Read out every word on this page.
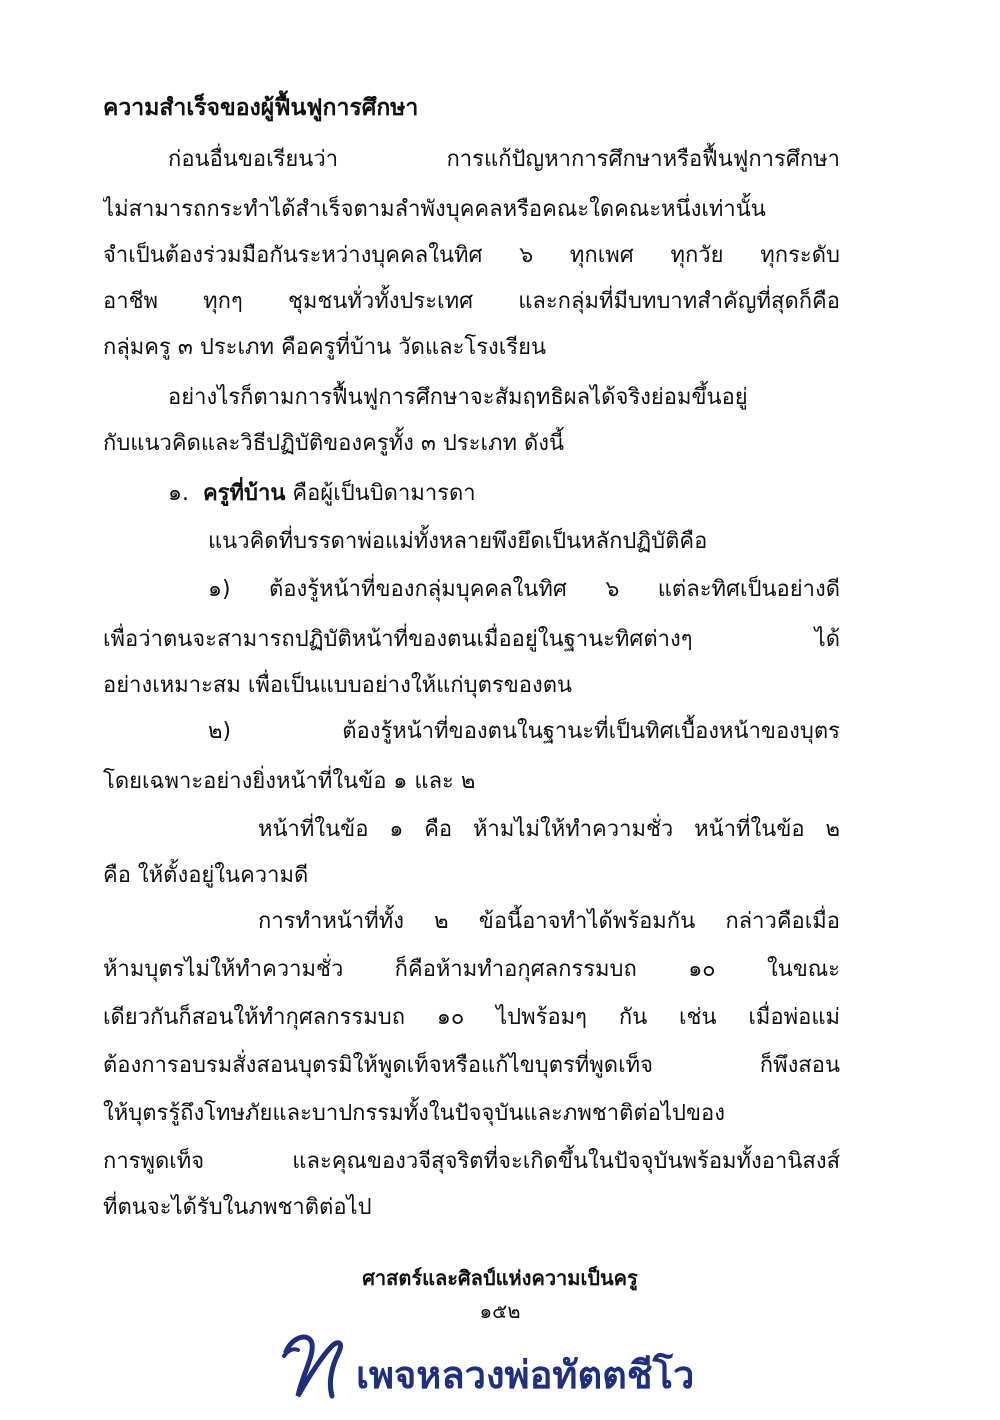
ความสำเร็จของผู้ฟื้นฟูการศึกษา
ก่อนอื่นขอเรียนว่า การแก้ปัญหาการศึกษาหรือฟื้นฟูการศึกษา
ไม่สามารถกระทำได้สำเร็จตามลำพังบุคคลหรือคณะใดคณะหนึ่งเท่านั้น
จำเป็นต้องร่วมมือกันระหว่างบุคคลในทิศ ๖ ทุกเพศ ทุกวัย ทุกระดับ
อาชีพ ทุกๆ ชุมชนทั่วทั้งประเทศ และกลุ่มที่มีบทบาทสำคัญที่สุดก็คือ
กลุ่มครู ๓ ประเภท คือครูที่บ้าน วัดและโรงเรียน
อย่างไรก็ตามการฟื้นฟูการศึกษาจะสัมฤทธิผลได้จริงย่อมขึ้นอยู่
กับแนวคิดและวิธีปฏิบัติของครูทั้ง ๓ ประเภท ดังนี้
๑. ครูที่บ้าน คือผู้เป็นบิดามารดา
แนวคิดที่บรรดาพ่อแม่ทั้งหลายพึงยึดเป็นหลักปฏิบัติคือ
๑) ต้องรู้หน้าที่ของกลุ่มบุคคลในทิศ ๖ แต่ละทิศเป็นอย่างดี
เพื่อว่าตนจะสามารถปฏิบัติหน้าที่ของตนเมื่ออยู่ในฐานะทิศต่างๆ ได้
อย่างเหมาะสม เพื่อเป็นแบบอย่างให้แก่บุตรของตน
๒) ต้องรู้หน้าที่ของตนในฐานะที่เป็นทิศเบื้องหน้าของบุตร
โดยเฉพาะอย่างยิ่งหน้าที่ในข้อ ๑ และ ๒
หน้าที่ในข้อ ๑ คือ ห้ามไม่ให้ทำความชั่ว หน้าที่ในข้อ ๒
คือ ให้ตั้งอยู่ในความดี
การทำหน้าที่ทั้ง ๒ ข้อนี้อาจทำได้พร้อมกัน กล่าวคือเมื่อ
ห้ามบุตรไม่ให้ทำความชั่ว ก็คือห้ามทำอกุศลกรรมบถ ๑๐ ในขณะ
เดียวกันก็สอนให้ทำกุศลกรรมบถ ๑๐ ไปพร้อมๆ กัน เช่น เมื่อพ่อแม่
ต้องการอบรมสั่งสอนบุตรมิให้พูดเท็จหรือแก้ไขบุตรที่พูดเท็จ ก็พึงสอน
ให้บุตรรู้ถึงโทษภัยและบาปกรรมทั้งในปัจจุบันและภพชาติต่อไปของ
การพูดเท็จ และคุณของวจีสุจริตที่จะเกิดขึ้นในปัจจุบันพร้อมทั้งอานิสงส์
ที่ตนจะได้รับในภพชาติต่อไป
ศาสตร์และศิลป์แห่งความเป็นครู
๑๕๒
เพจหลวงพ่อทัตตชีโว
